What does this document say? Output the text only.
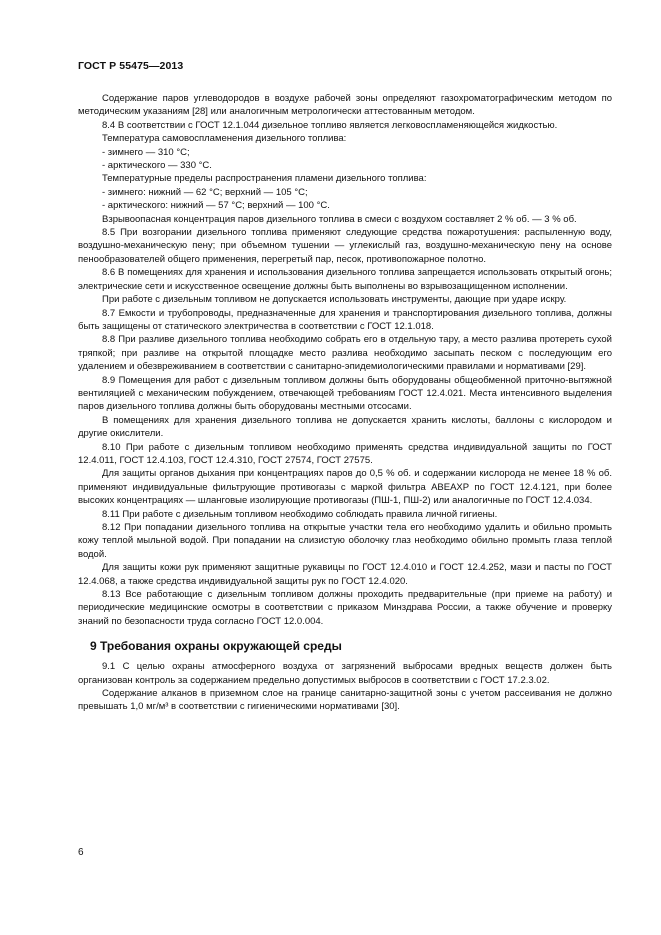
ГОСТ Р 55475—2013

Содержание паров углеводородов в воздухе рабочей зоны определяют газохроматографическим методом по методическим указаниям [28] или аналогичным метрологически аттестованным методом.

8.4 В соответствии с ГОСТ 12.1.044 дизельное топливо является легковоспламеняющейся жидкостью.

Температура самовоспламенения дизельного топлива:

- зимнего — 310 °С;

- арктического — 330 °С.

Температурные пределы распространения пламени дизельного топлива:

- зимнего: нижний — 62 °С; верхний — 105 °С;

- арктического: нижний — 57 °С; верхний — 100 °С.

Взрывоопасная концентрация паров дизельного топлива в смеси с воздухом составляет 2 % об. — 3 % об.

8.5 При возгорании дизельного топлива применяют следующие средства пожаротушения: распыленную воду, воздушно-механическую пену; при объемном тушении — углекислый газ, воздушно-механическую пену на основе пенообразователей общего применения, перегретый пар, песок, противопожарное полотно.

8.6 В помещениях для хранения и использования дизельного топлива запрещается использовать открытый огонь; электрические сети и искусственное освещение должны быть выполнены во взрывозащищенном исполнении.

При работе с дизельным топливом не допускается использовать инструменты, дающие при ударе искру.

8.7 Емкости и трубопроводы, предназначенные для хранения и транспортирования дизельного топлива, должны быть защищены от статического электричества в соответствии с ГОСТ 12.1.018.

8.8 При разливе дизельного топлива необходимо собрать его в отдельную тару, а место разлива протереть сухой тряпкой; при разливе на открытой площадке место разлива необходимо засыпать песком с последующим его удалением и обезвреживанием в соответствии с санитарно-эпидемиологическими правилами и нормативами [29].

8.9 Помещения для работ с дизельным топливом должны быть оборудованы общеобменной приточно-вытяжной вентиляцией с механическим побуждением, отвечающей требованиям ГОСТ 12.4.021. Места интенсивного выделения паров дизельного топлива должны быть оборудованы местными отсосами.

В помещениях для хранения дизельного топлива не допускается хранить кислоты, баллоны с кислородом и другие окислители.

8.10 При работе с дизельным топливом необходимо применять средства индивидуальной защиты по ГОСТ 12.4.011, ГОСТ 12.4.103, ГОСТ 12.4.310, ГОСТ 27574, ГОСТ 27575.

Для защиты органов дыхания при концентрациях паров до 0,5 % об. и содержании кислорода не менее 18 % об. применяют индивидуальные фильтрующие противогазы с маркой фильтра АВЕАХР по ГОСТ 12.4.121, при более высоких концентрациях — шланговые изолирующие противогазы (ПШ-1, ПШ-2) или аналогичные по ГОСТ 12.4.034.

8.11 При работе с дизельным топливом необходимо соблюдать правила личной гигиены.

8.12 При попадании дизельного топлива на открытые участки тела его необходимо удалить и обильно промыть кожу теплой мыльной водой. При попадании на слизистую оболочку глаз необходимо обильно промыть глаза теплой водой.

Для защиты кожи рук применяют защитные рукавицы по ГОСТ 12.4.010 и ГОСТ 12.4.252, мази и пасты по ГОСТ 12.4.068, а также средства индивидуальной защиты рук по ГОСТ 12.4.020.

8.13 Все работающие с дизельным топливом должны проходить предварительные (при приеме на работу) и периодические медицинские осмотры в соответствии с приказом Минздрава России, а также обучение и проверку знаний по безопасности труда согласно ГОСТ 12.0.004.

9 Требования охраны окружающей среды

9.1 С целью охраны атмосферного воздуха от загрязнений выбросами вредных веществ должен быть организован контроль за содержанием предельно допустимых выбросов в соответствии с ГОСТ 17.2.3.02.

Содержание алканов в приземном слое на границе санитарно-защитной зоны с учетом рассеивания не должно превышать 1,0 мг/м³ в соответствии с гигиеническими нормативами [30].

6
